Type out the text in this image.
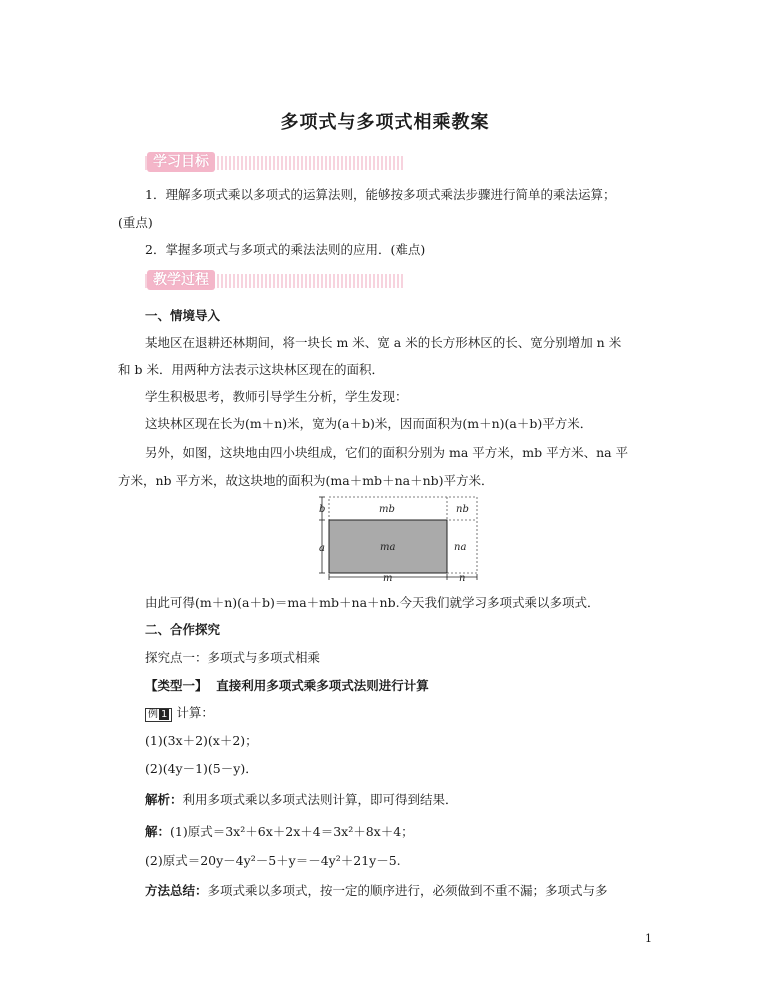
多项式与多项式相乘教案
学习目标
1．理解多项式乘以多项式的运算法则，能够按多项式乘法步骤进行简单的乘法运算；
(重点)
2．掌握多项式与多项式的乘法法则的应用．(难点)
教学过程
一、情境导入
某地区在退耕还林期间，将一块长 m 米、宽 a 米的长方形林区的长、宽分别增加 n 米
和 b 米．用两种方法表示这块林区现在的面积．
学生积极思考，教师引导学生分析，学生发现：
这块林区现在长为(m＋n)米，宽为(a＋b)米，因而面积为(m＋n)(a＋b)平方米．
另外，如图，这块地由四小块组成，它们的面积分别为 ma 平方米，mb 平方米、na 平
方米，nb 平方米，故这块地的面积为(ma＋mb＋na＋nb)平方米．
mb	nb
ma	na
b
a
m	n
由此可得(m＋n)(a＋b)＝ma＋mb＋na＋nb.今天我们就学习多项式乘以多项式．
二、合作探究
探究点一：多项式与多项式相乘
【类型一】 直接利用多项式乘多项式法则进行计算
例 1 计算：
(1)(3x＋2)(x＋2)；
(2)(4y－1)(5－y)．
解析：利用多项式乘以多项式法则计算，即可得到结果．
解：(1)原式＝3x²＋6x＋2x＋4＝3x²＋8x＋4；
(2)原式＝20y－4y²－5＋y＝－4y²＋21y－5.
方法总结：多项式乘以多项式，按一定的顺序进行，必须做到不重不漏；多项式与多
1
